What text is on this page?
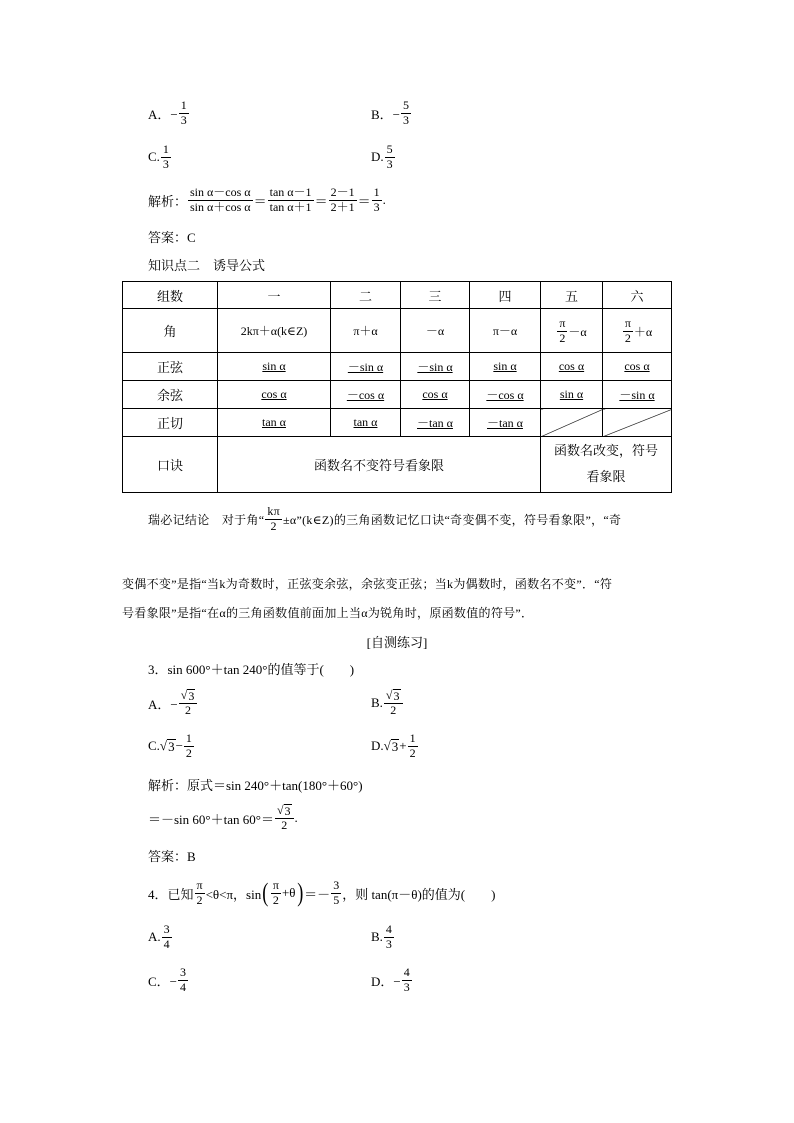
A．− $\frac{1}{3}$	B．− $\frac{5}{3}$
C. $\frac{1}{3}$	D. $\frac{5}{3}$
解析： $\frac{\text{sin α－cos α}}{\text{sin α＋cos α}} = \frac{\text{tan α－1}}{\text{tan α＋1}} = \frac{2-1}{2+1} = \frac{1}{3}$ .
答案：C
知识点二　诱导公式
组数	一	二	三	四	五	六
角	2kπ＋α(k∈Z)	π＋α	－α	π－α	$\frac{\pi}{2} -\alpha$	$\frac{\pi}{2} +\alpha$

正弦	sin α	－sin α	－sin α	sin α	cos α	cos α
余弦	cos α	－cos α	cos α	－cos α	sin α	－sin α
正切	tan α	tan α	－tan α	－tan α		
口诀	函数名不变符号看象限				函数名改变，符号看象限	
瑞必记结论 　对于角“ $\frac{k\pi}{2}$ ±α”(k∈Z)的三角函数记忆口诀“奇变偶不变，符号看象限”，“奇
变偶不变”是指“当k为奇数时，正弦变余弦，余弦变正弦；当k为偶数时，函数名不变”．“符
号看象限”是指“在α的三角函数值前面加上当α为锐角时，原函数值的符号”．
[自测练习]
3．sin 600°＋tan 240°的值等于(　　)
A．− $\frac{√ 3}{2}$	B. $\frac{√ 3}{2}$
C. √ $3 - \frac{1}{2}$	D. √ $3 + \frac{1}{2}$
解析：原式＝sin 240°＋tan(180°＋60°)
＝－sin 60°＋tan $60^\circ= \frac{√ 3}{2}$ .
答案：B
4．已知 $\frac{\pi}{2} <\theta<\pi$，sin ( $\frac{\pi}{2} +\theta$ ) ＝－ $\frac{3}{5}$ ，则 tan(π－θ)的值为(　　)
A. $\frac{3}{4}$	B. $\frac{4}{3}$
C．− $\frac{3}{4}$	D．− $\frac{4}{3}$
